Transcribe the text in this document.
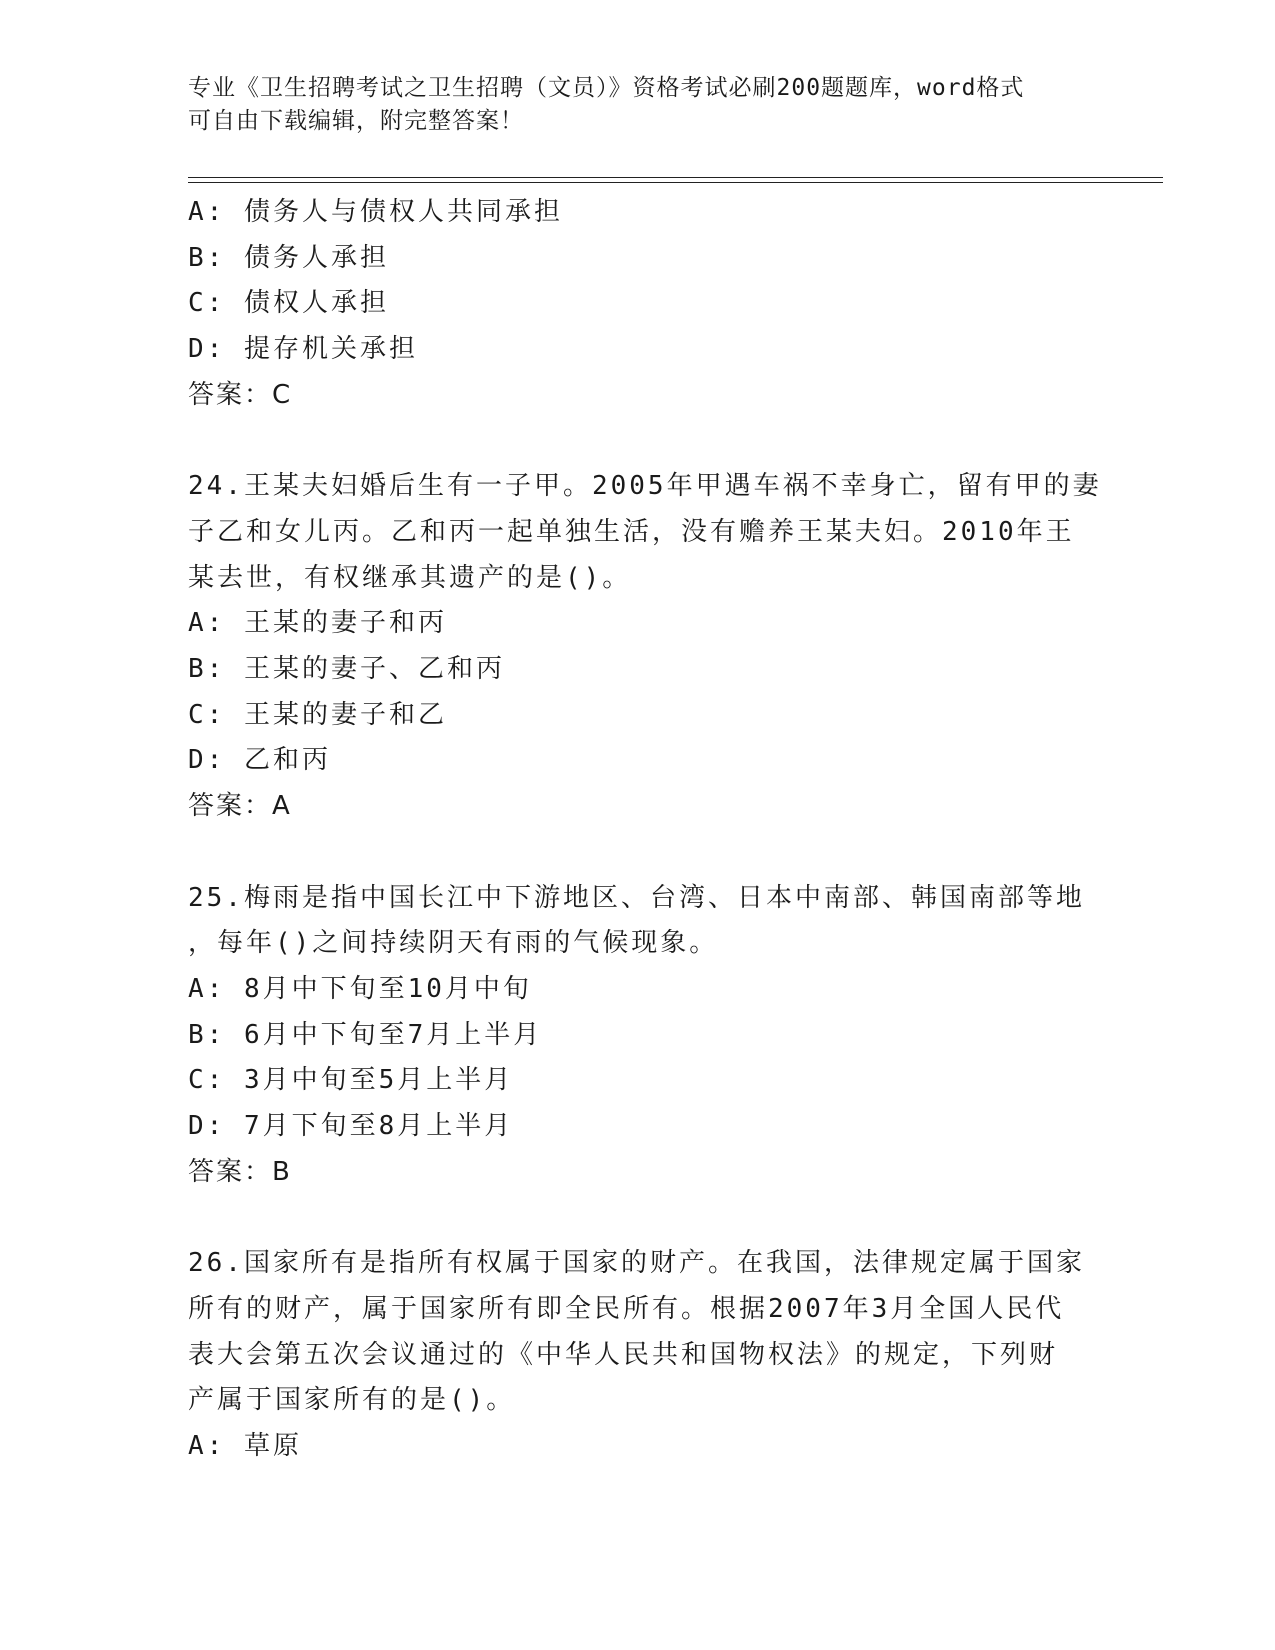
专业《卫生招聘考试之卫生招聘（文员）》资格考试必刷200题题库，word格式
可自由下载编辑，附完整答案！
A: 债务人与债权人共同承担
B: 债务人承担
C: 债权人承担
D: 提存机关承担
答案：C
24.王某夫妇婚后生有一子甲。2005年甲遇车祸不幸身亡，留有甲的妻
子乙和女儿丙。乙和丙一起单独生活，没有赡养王某夫妇。2010年王
某去世，有权继承其遗产的是()。
A: 王某的妻子和丙
B: 王某的妻子、乙和丙
C: 王某的妻子和乙
D: 乙和丙
答案：A
25.梅雨是指中国长江中下游地区、台湾、日本中南部、韩国南部等地
，每年()之间持续阴天有雨的气候现象。
A: 8月中下旬至10月中旬
B: 6月中下旬至7月上半月
C: 3月中旬至5月上半月
D: 7月下旬至8月上半月
答案：B
26.国家所有是指所有权属于国家的财产。在我国，法律规定属于国家
所有的财产，属于国家所有即全民所有。根据2007年3月全国人民代
表大会第五次会议通过的《中华人民共和国物权法》的规定，下列财
产属于国家所有的是()。
A: 草原
